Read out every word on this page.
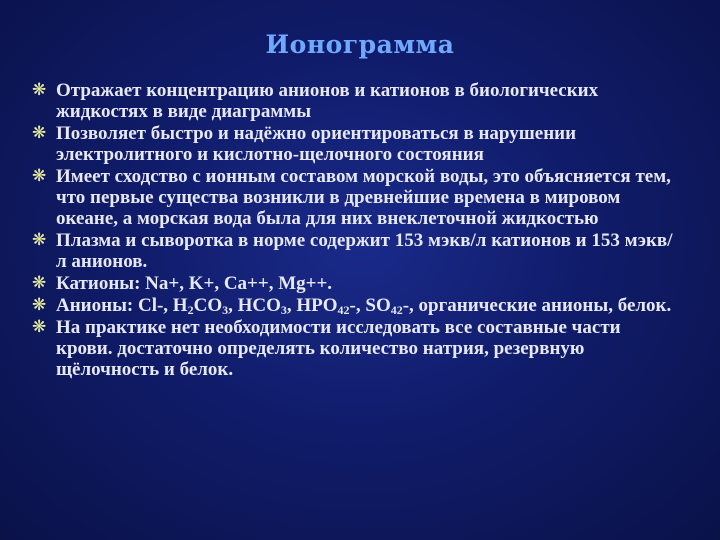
Ионограмма
❋ Отражает концентрацию анионов и катионов в биологических жидкостях в виде диаграммы
❋ Позволяет быстро и надёжно ориентироваться в нарушении электролитного и кислотно-щелочного состояния
❋ Имеет сходство с ионным составом морской воды, это объясняется тем, что первые существа возникли в древнейшие времена в мировом океане, а морская вода была для них внеклеточной жидкостью
❋ Плазма и сыворотка в норме содержит 153 мэкв/л катионов и 153 мэкв/л анионов.
❋ Катионы: Na+, K+, Ca++, Mg++.
❋ Анионы: Cl-, $H_2CO_3$, $HCO_3$, $HPO_{42}-$, $SO_{42}-$, органические анионы, белок.
❋ На практике нет необходимости исследовать все составные части крови. достаточно определять количество натрия, резервную щёлочность и белок.
